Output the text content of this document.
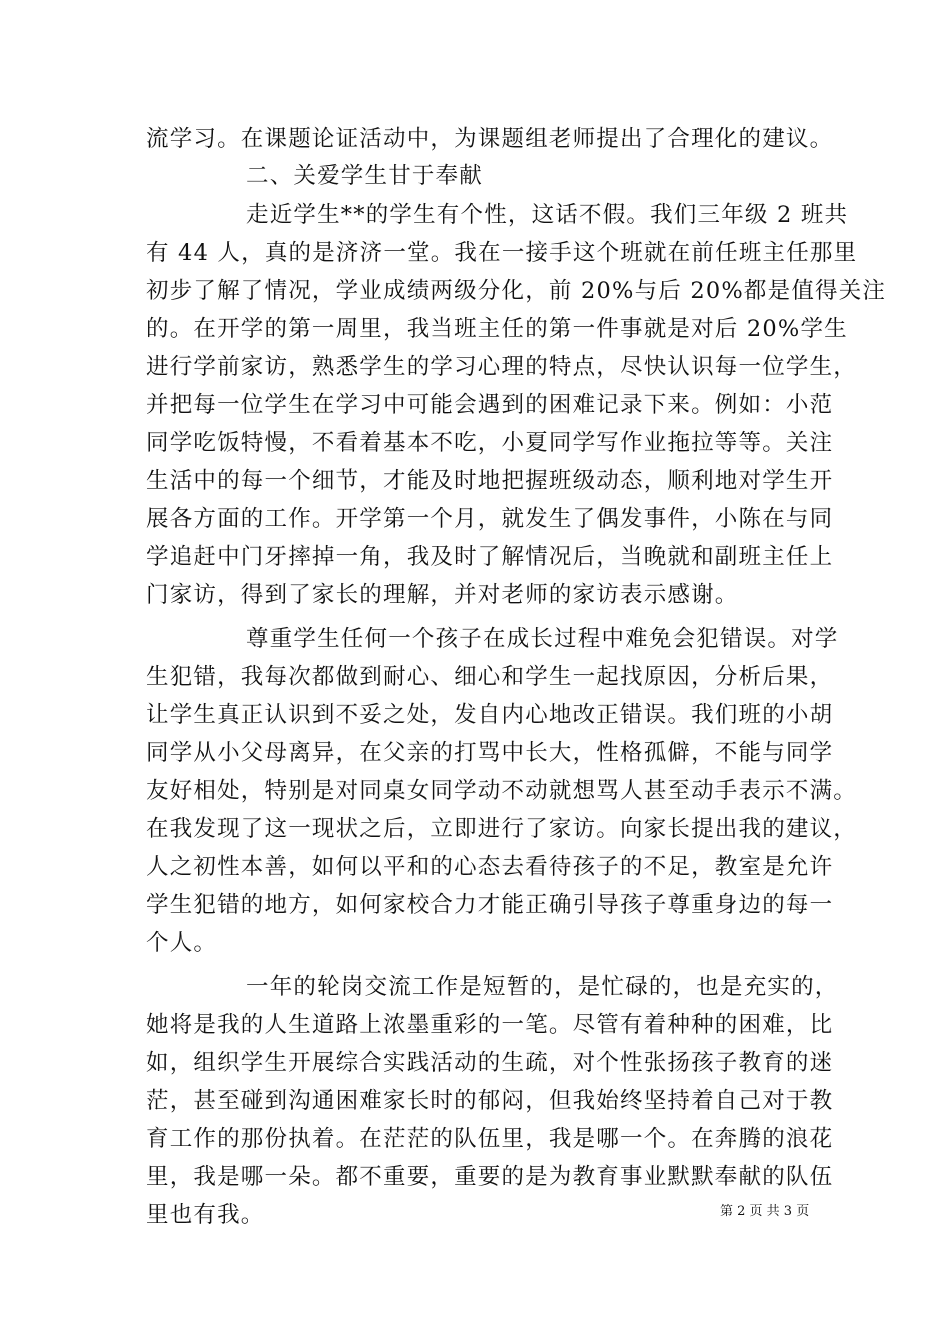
流学习。在课题论证活动中，为课题组老师提出了合理化的建议。
二、关爱学生甘于奉献
走近学生**的学生有个性，这话不假。我们三年级 2 班共
有 44 人，真的是济济一堂。我在一接手这个班就在前任班主任那里
初步了解了情况，学业成绩两级分化，前 20%与后 20%都是值得关注
的。在开学的第一周里，我当班主任的第一件事就是对后 20%学生
进行学前家访，熟悉学生的学习心理的特点，尽快认识每一位学生，
并把每一位学生在学习中可能会遇到的困难记录下来。例如：小范
同学吃饭特慢，不看着基本不吃，小夏同学写作业拖拉等等。关注
生活中的每一个细节，才能及时地把握班级动态，顺利地对学生开
展各方面的工作。开学第一个月，就发生了偶发事件，小陈在与同
学追赶中门牙摔掉一角，我及时了解情况后，当晚就和副班主任上
门家访，得到了家长的理解，并对老师的家访表示感谢。
尊重学生任何一个孩子在成长过程中难免会犯错误。对学
生犯错，我每次都做到耐心、细心和学生一起找原因，分析后果，
让学生真正认识到不妥之处，发自内心地改正错误。我们班的小胡
同学从小父母离异，在父亲的打骂中长大，性格孤僻，不能与同学
友好相处，特别是对同桌女同学动不动就想骂人甚至动手表示不满。
在我发现了这一现状之后，立即进行了家访。向家长提出我的建议，
人之初性本善，如何以平和的心态去看待孩子的不足，教室是允许
学生犯错的地方，如何家校合力才能正确引导孩子尊重身边的每一
个人。
一年的轮岗交流工作是短暂的，是忙碌的，也是充实的，
她将是我的人生道路上浓墨重彩的一笔。尽管有着种种的困难，比
如，组织学生开展综合实践活动的生疏，对个性张扬孩子教育的迷
茫，甚至碰到沟通困难家长时的郁闷，但我始终坚持着自己对于教
育工作的那份执着。在茫茫的队伍里，我是哪一个。在奔腾的浪花
里，我是哪一朵。都不重要，重要的是为教育事业默默奉献的队伍
里也有我。	第 2 页 共 3 页
